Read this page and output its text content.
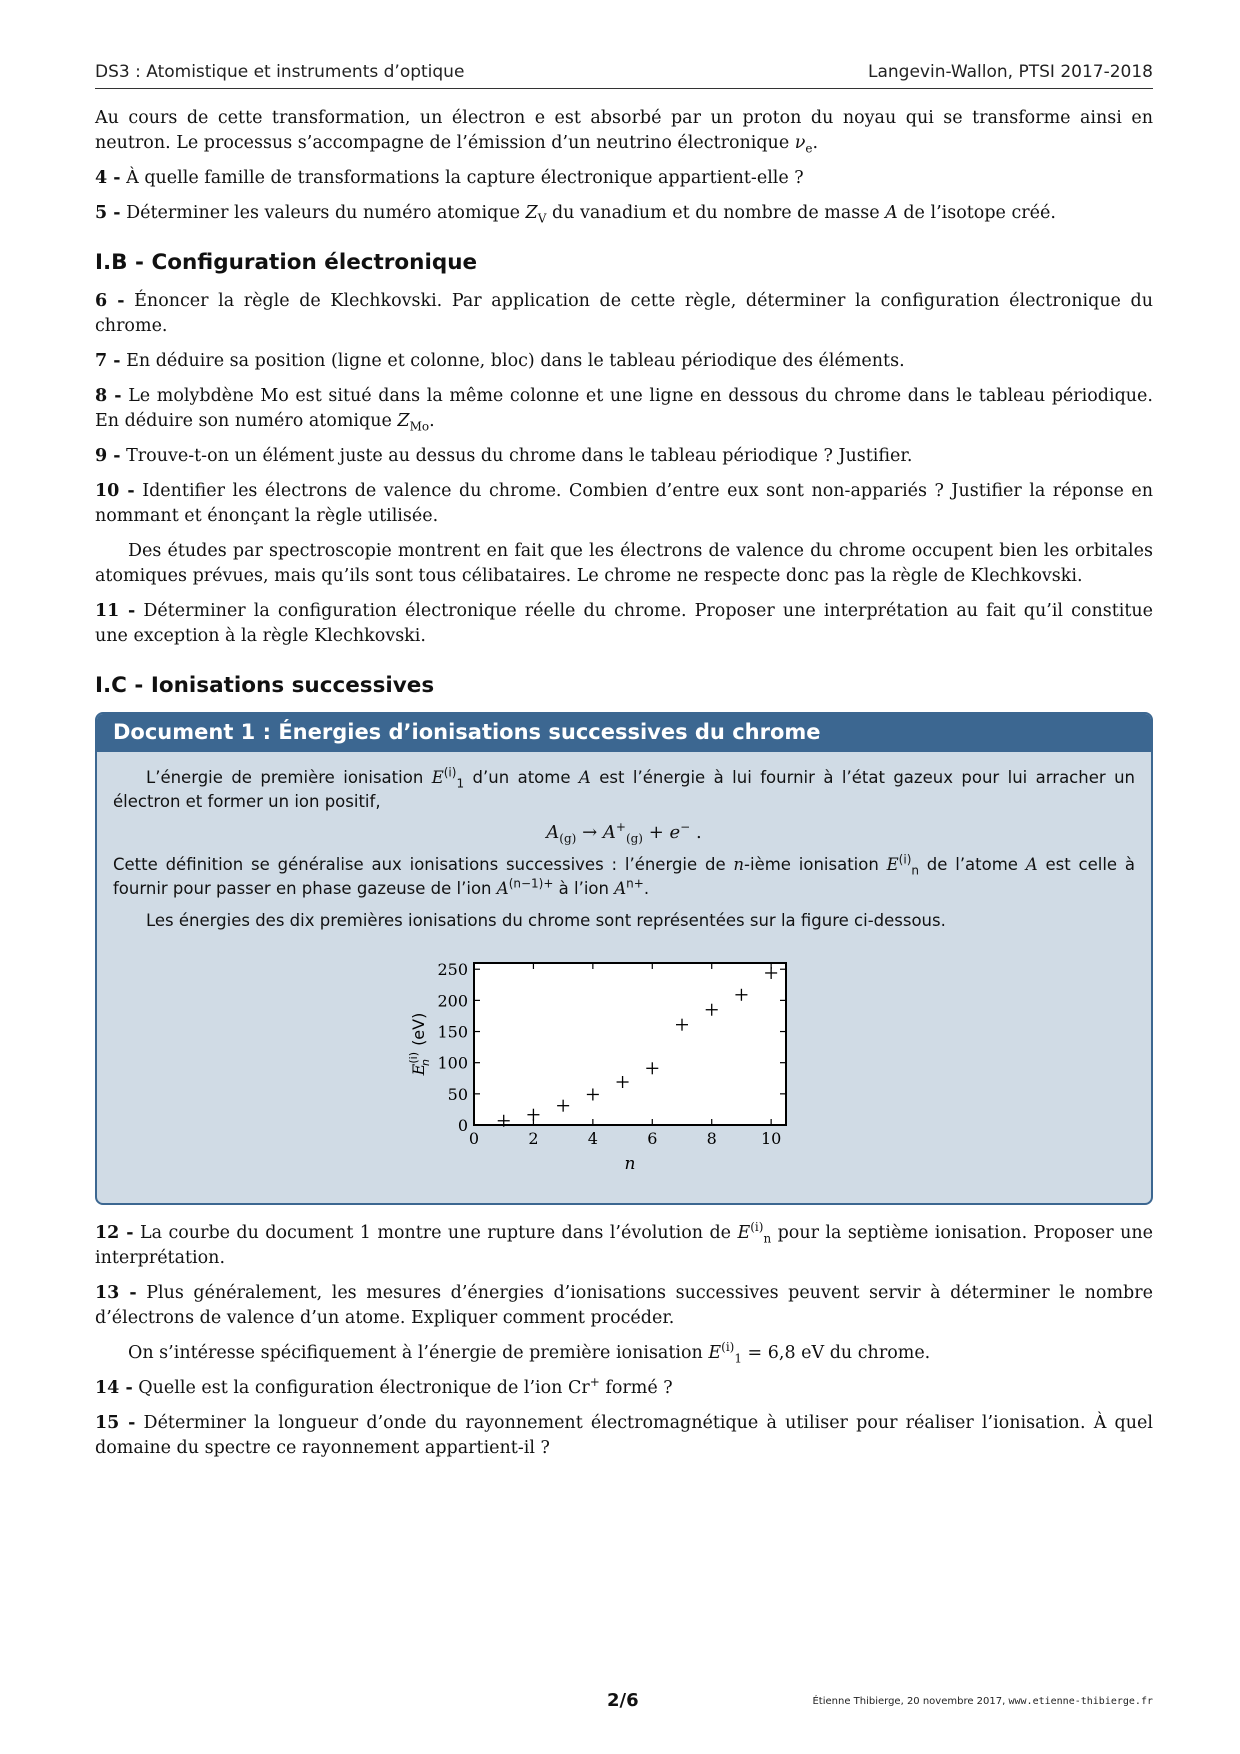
DS3 : Atomistique et instruments d’optique	Langevin-Wallon, PTSI 2017-2018

Au cours de cette transformation, un électron e est absorbé par un proton du noyau qui se transforme ainsi en neutron. Le processus s’accompagne de l’émission d’un neutrino électronique $\nu_e$.

4 - À quelle famille de transformations la capture électronique appartient-elle ?

5 - Déterminer les valeurs du numéro atomique $Z_V$ du vanadium et du nombre de masse A de l’isotope créé.

I.B - Configuration électronique

6 - Énoncer la règle de Klechkovski. Par application de cette règle, déterminer la configuration électronique du chrome.

7 - En déduire sa position (ligne et colonne, bloc) dans le tableau périodique des éléments.

8 - Le molybdène Mo est situé dans la même colonne et une ligne en dessous du chrome dans le tableau périodique. En déduire son numéro atomique $Z_{Mo}$.

9 - Trouve-t-on un élément juste au dessus du chrome dans le tableau périodique ? Justifier.

10 - Identifier les électrons de valence du chrome. Combien d’entre eux sont non-appariés ? Justifier la réponse en nommant et énonçant la règle utilisée.

Des études par spectroscopie montrent en fait que les électrons de valence du chrome occupent bien les orbitales atomiques prévues, mais qu’ils sont tous célibataires. Le chrome ne respecte donc pas la règle de Klechkovski.

11 - Déterminer la configuration électronique réelle du chrome. Proposer une interprétation au fait qu’il constitue une exception à la règle Klechkovski.

I.C - Ionisations successives
Document 1 : Énergies d’ionisations successives du chrome

L’énergie de première ionisation $E^{(i)}_1$ d’un atome A est l’énergie à lui fournir à l’état gazeux pour lui arracher un électron et former un ion positif,

$A_{(g)} \to A^+_{(g)} + e^-$ .

Cette définition se généralise aux ionisations successives : l’énergie de n-ième ionisation $E^{(i)}_n$ de l’atome A est celle à fournir pour passer en phase gazeuse de l’ion $A^{(n-1)+}$ à l’ion $A^{n+}$.

Les énergies des dix premières ionisations du chrome sont représentées sur la figure ci-dessous.

0	2	4	6	8	10
0
50
100
150
200
250
n
$E^{(i)}n$ (eV)

12 - La courbe du document 1 montre une rupture dans l’évolution de $E^{(i)}_n$ pour la septième ionisation. Proposer une interprétation.

13 - Plus généralement, les mesures d’énergies d’ionisations successives peuvent servir à déterminer le nombre d’électrons de valence d’un atome. Expliquer comment procéder.

On s’intéresse spécifiquement à l’énergie de première ionisation $E^{(i)}_1 = 6,8$ eV du chrome.

14 - Quelle est la configuration électronique de l’ion Cr+ formé ?

15 - Déterminer la longueur d’onde du rayonnement électromagnétique à utiliser pour réaliser l’ionisation. À quel domaine du spectre ce rayonnement appartient-il ?

2/6	Étienne Thibierge, 20 novembre 2017, www.etienne-thibierge.fr
